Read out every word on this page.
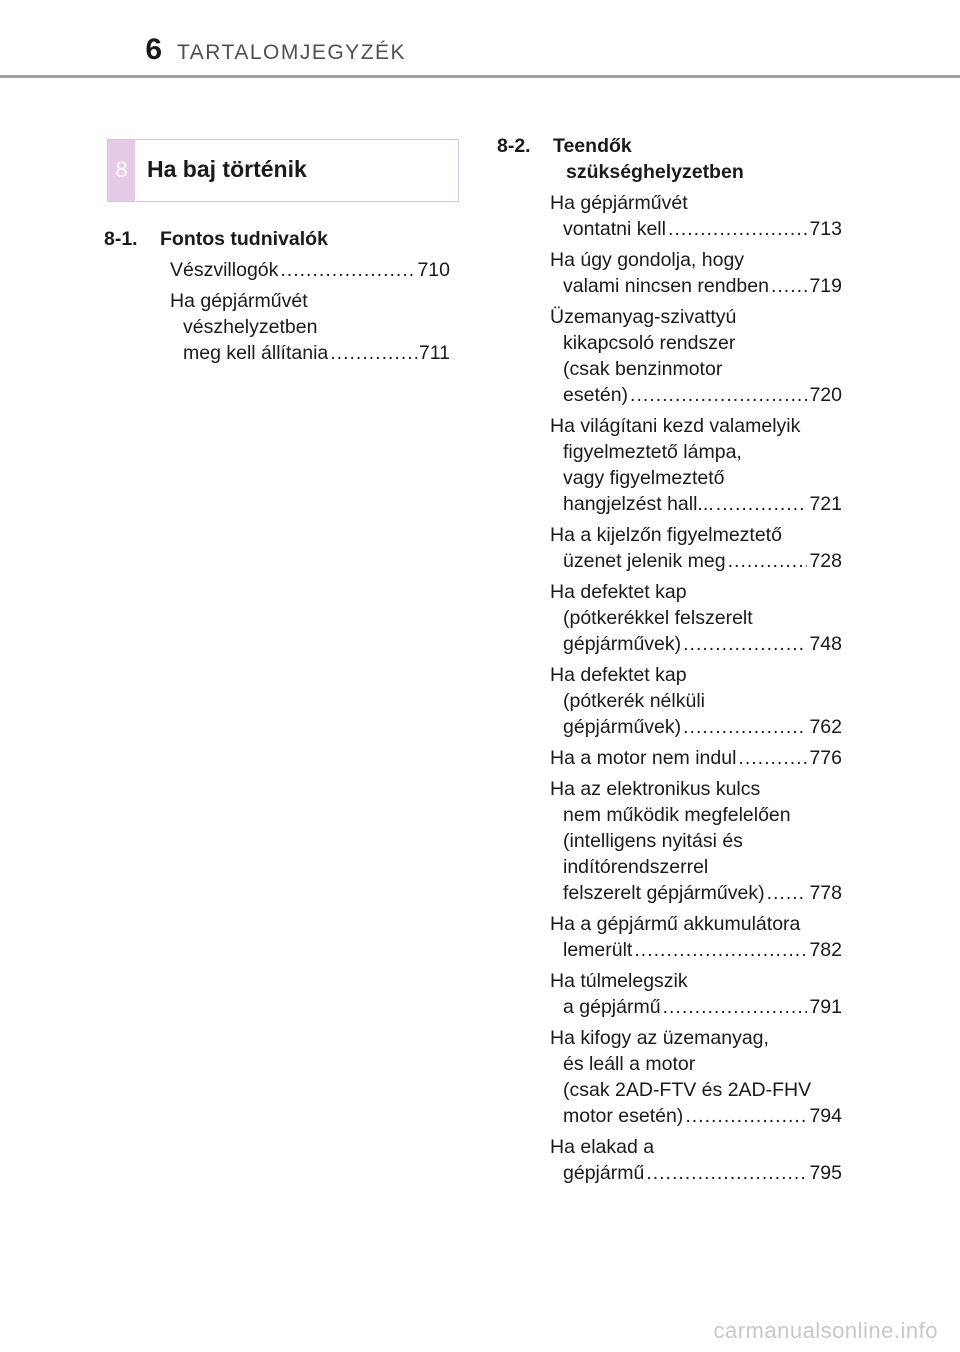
6 TARTALOMJEGYZÉK
8 Ha baj történik
8-1.	Fontos tudnivalók
Vészvillogók .....	710
Ha gépjárművét
vészhelyzetben
meg kell állítania .....	711
8-2. Teendők
szükséghelyzetben
Ha gépjárművét
vontatni kell .....	713
Ha úgy gondolja, hogy
valami nincsen rendben ..... 719
Üzemanyag-szivattyú
kikapcsoló rendszer
(csak benzinmotor
esetén) .....	720
Ha világítani kezd valamelyik
figyelmeztető lámpa,
vagy figyelmeztető
hangjelzést hall... .....	721
Ha a kijelzőn figyelmeztető
üzenet jelenik meg .....	728
Ha defektet kap
(pótkerékkel felszerelt
gépjárművek) .....	748
Ha defektet kap
(pótkerék nélküli
gépjárművek) .....	762
Ha a motor nem indul .....	776
Ha az elektronikus kulcs
nem működik megfelelően
(intelligens nyitási és
indítórendszerrel
felszerelt gépjárművek) ..... 778
Ha a gépjármű akkumulátora
lemerült .....	782
Ha túlmelegszik
a gépjármű .....	791
Ha kifogy az üzemanyag,
és leáll a motor
(csak 2AD-FTV és 2AD-FHV
motor esetén) .....	794
Ha elakad a
gépjármű .....	795
carmanualsonline.info
